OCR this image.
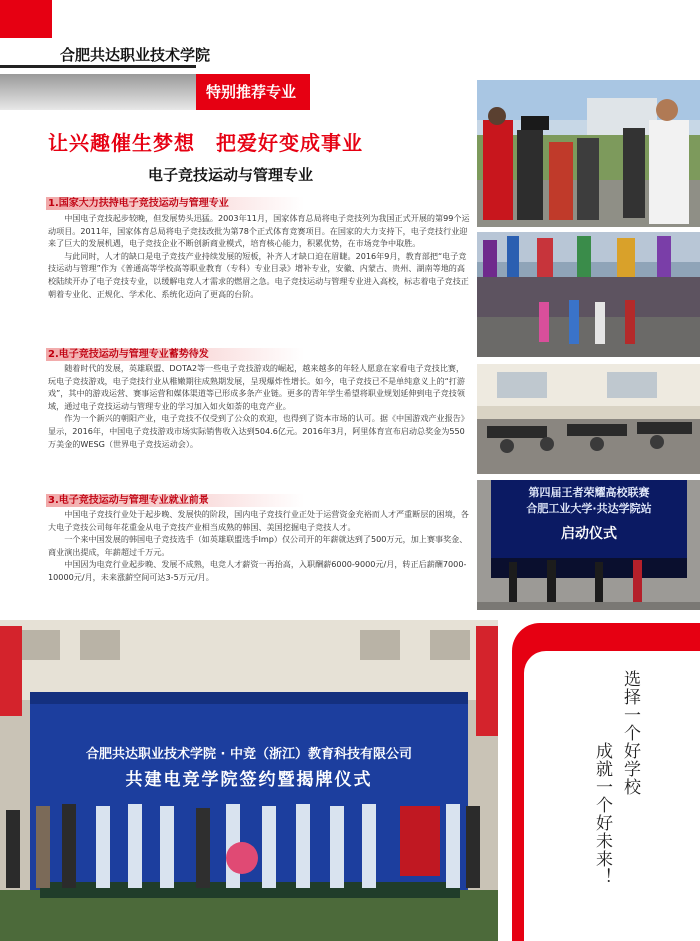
合肥共达职业技术学院
特别推荐专业
让兴趣催生梦想　把爱好变成事业
电子竞技运动与管理专业
1.国家大力扶持电子竞技运动与管理专业

中国电子竞技起步较晚，但发展势头迅猛。2003年11月，国家体育总局将电子竞技列为我国正式开展的第99个运动项目。2011年，国家体育总局将电子竞技改批为第78个正式体育竞赛项目。在国家的大力支持下，电子竞技行业迎来了巨大的发展机遇，电子竞技企业不断创新商业模式，培育核心能力，积累优势，在市场竞争中取胜。

与此同时，人才的缺口是电子竞技产业持续发展的短板，补齐人才缺口迫在眉睫。2016年9月，教育部把“电子竞技运动与管理”作为《普通高等学校高等职业教育（专科）专业目录》增补专业，安徽、内蒙古、贵州、湖南等地的高校陆续开办了电子竞技专业，以缓解电竞人才需求的燃眉之急。电子竞技运动与管理专业进入高校，标志着电子竞技正朝着专业化、正规化、学术化、系统化迈向了更高的台阶。

2.电子竞技运动与管理专业蓄势待发

随着时代的发展，英雄联盟、DOTA2等一些电子竞技游戏的崛起，越来越多的年轻人愿意在家看电子竞技比赛，玩电子竞技游戏，电子竞技行业从稚嫩期往成熟期发展，呈现爆炸性增长。如今，电子竞技已不是单纯意义上的“打游戏”，其中的游戏运营、赛事运营和媒体渠道等已形成多条产业链。更多的青年学生希望将职业规划延伸到电子竞技领域，通过电子竞技运动与管理专业的学习加入如火如荼的电竞产业。

作为一个新兴的朝阳产业，电子竞技不仅受到了公众的欢迎，也得到了资本市场的认可。据《中国游戏产业报告》显示，2016年，中国电子竞技游戏市场实际销售收入达到504.6亿元。2016年3月，阿里体育宣布启动总奖金为550万美金的WESG（世界电子竞技运动会）。

3.电子竞技运动与管理专业就业前景

中国电子竞技行业处于起步晚、发展快的阶段，国内电子竞技行业正处于运营资金充裕而人才严重断层的困境，各大电子竞技公司每年花重金从电子竞技产业相当成熟的韩国、美国挖掘电子竞技人才。

一个来中国发展的韩国电子竞技选手（如英雄联盟选手Imp）仅公司开的年薪就达到了500万元，加上赛事奖金、商业演出提成，年薪超过千万元。

中国因为电竞行业起步晚、发展不成熟，电竞人才薪资一再抬高，入职酬薪6000-9000元/月，转正后薪酬7000-10000元/月，未来涨薪空间可达3-5万元/月。

第四届王者荣耀高校联赛
合肥工业大学·共达学院站
启动仪式
合肥共达职业技术学院 · 中竞（浙江）教育科技有限公司
共建电竞学院签约暨揭牌仪式	选择一个好学校
成就一个好未来！
